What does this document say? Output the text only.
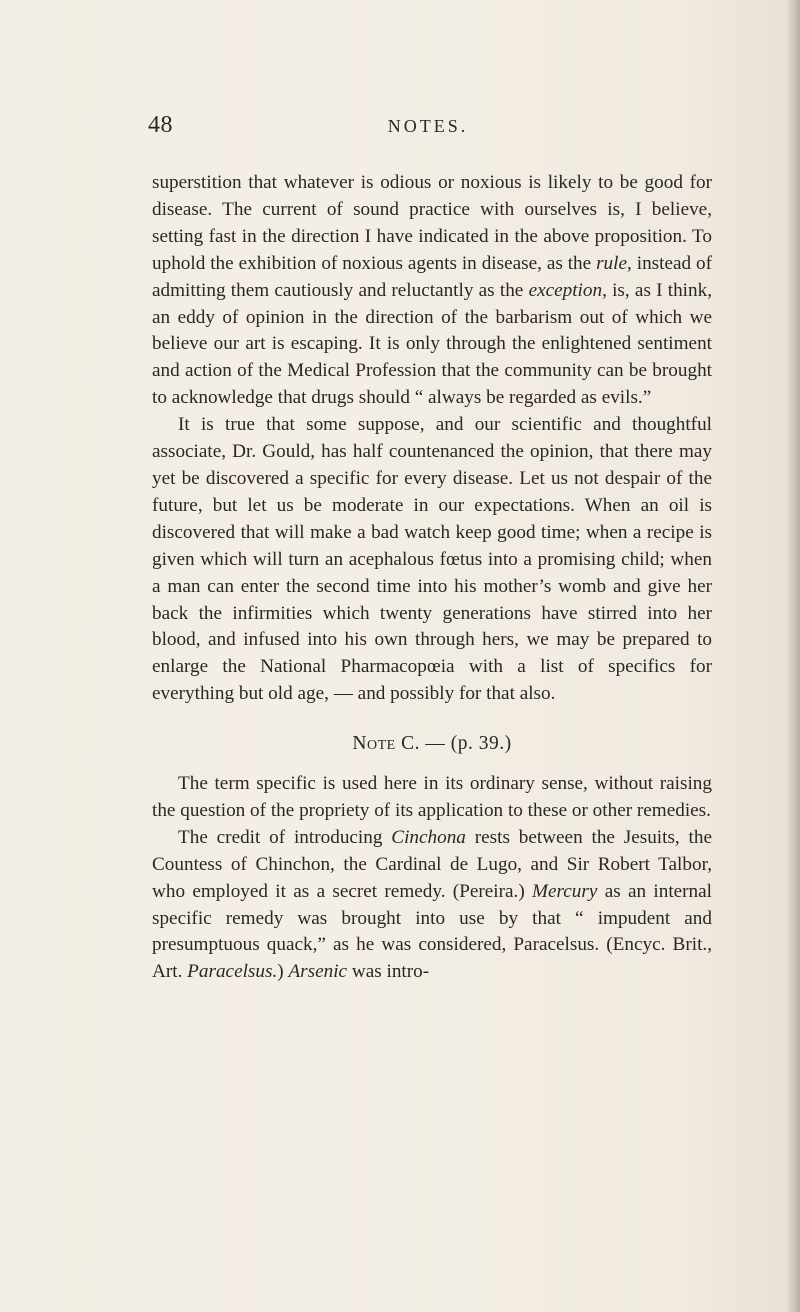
48	NOTES.

superstition that whatever is odious or noxious is likely to be good for disease. The current of sound practice with ourselves is, I believe, setting fast in the direction I have indicated in the above proposition. To uphold the exhibition of noxious agents in disease, as the rule, instead of admitting them cautiously and reluctantly as the exception, is, as I think, an eddy of opinion in the direction of the barbarism out of which we believe our art is escaping. It is only through the enlightened sentiment and action of the Medical Profession that the community can be brought to acknowledge that drugs should “ always be regarded as evils.”

It is true that some suppose, and our scientific and thoughtful associate, Dr. Gould, has half countenanced the opinion, that there may yet be discovered a specific for every disease. Let us not despair of the future, but let us be moderate in our expectations. When an oil is discovered that will make a bad watch keep good time; when a recipe is given which will turn an acephalous fœtus into a promising child; when a man can enter the second time into his mother’s womb and give her back the infirmities which twenty generations have stirred into her blood, and infused into his own through hers, we may be prepared to enlarge the National Pharmacopœia with a list of specifics for everything but old age, — and possibly for that also.

Note C. — (p. 39.)

The term specific is used here in its ordinary sense, without raising the question of the propriety of its application to these or other remedies.

The credit of introducing Cinchona rests between the Jesuits, the Countess of Chinchon, the Cardinal de Lugo, and Sir Robert Talbor, who employed it as a secret remedy. (Pereira.) Mercury as an internal specific remedy was brought into use by that “ impudent and presumptuous quack,” as he was considered, Paracelsus. (Encyc. Brit., Art. Paracelsus.) Arsenic was intro-
